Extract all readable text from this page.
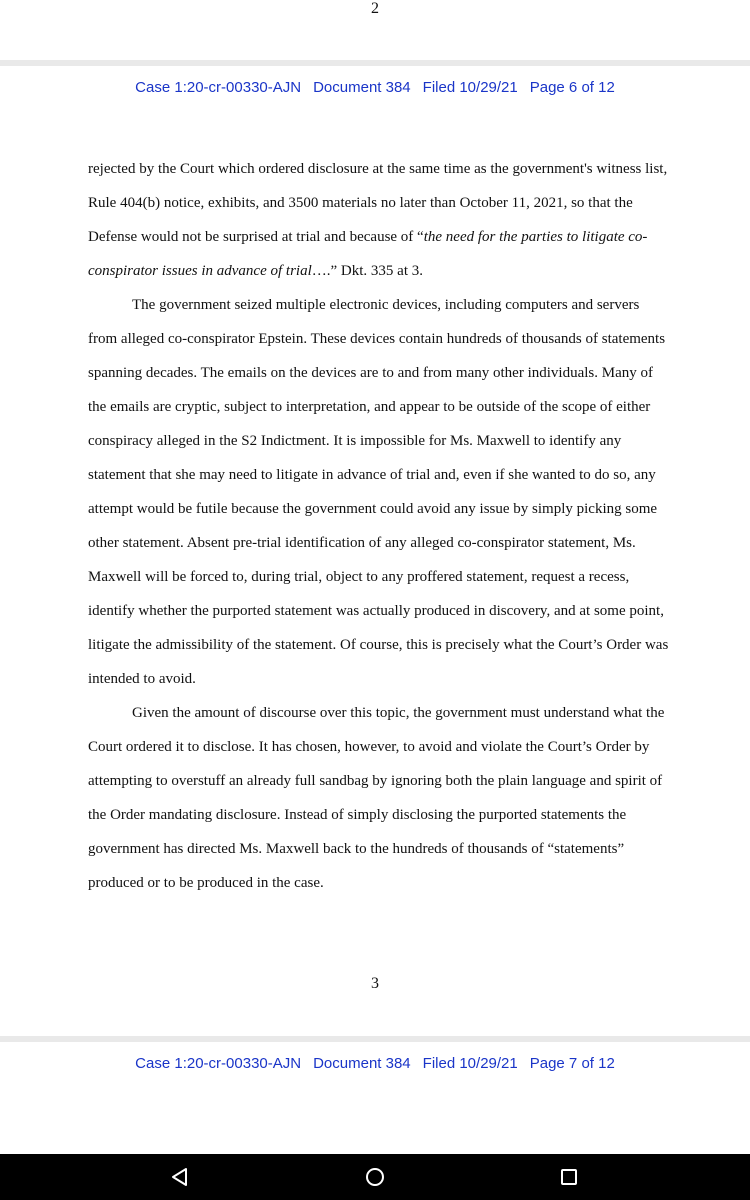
2
Case 1:20-cr-00330-AJN Document 384 Filed 10/29/21 Page 6 of 12

rejected by the Court which ordered disclosure at the same time as the government's witness list,
Rule 404(b) notice, exhibits, and 3500 materials no later than October 11, 2021, so that the
Defense would not be surprised at trial and because of “the need for the parties to litigate co-
conspirator issues in advance of trial….” Dkt. 335 at 3.

The government seized multiple electronic devices, including computers and servers
from alleged co-conspirator Epstein. These devices contain hundreds of thousands of statements
spanning decades. The emails on the devices are to and from many other individuals. Many of
the emails are cryptic, subject to interpretation, and appear to be outside of the scope of either
conspiracy alleged in the S2 Indictment. It is impossible for Ms. Maxwell to identify any
statement that she may need to litigate in advance of trial and, even if she wanted to do so, any
attempt would be futile because the government could avoid any issue by simply picking some
other statement. Absent pre-trial identification of any alleged co-conspirator statement, Ms.
Maxwell will be forced to, during trial, object to any proffered statement, request a recess,
identify whether the purported statement was actually produced in discovery, and at some point,
litigate the admissibility of the statement. Of course, this is precisely what the Court’s Order was
intended to avoid.

Given the amount of discourse over this topic, the government must understand what the
Court ordered it to disclose. It has chosen, however, to avoid and violate the Court’s Order by
attempting to overstuff an already full sandbag by ignoring both the plain language and spirit of
the Order mandating disclosure. Instead of simply disclosing the purported statements the
government has directed Ms. Maxwell back to the hundreds of thousands of “statements”
produced or to be produced in the case.

3
Case 1:20-cr-00330-AJN Document 384 Filed 10/29/21 Page 7 of 12
